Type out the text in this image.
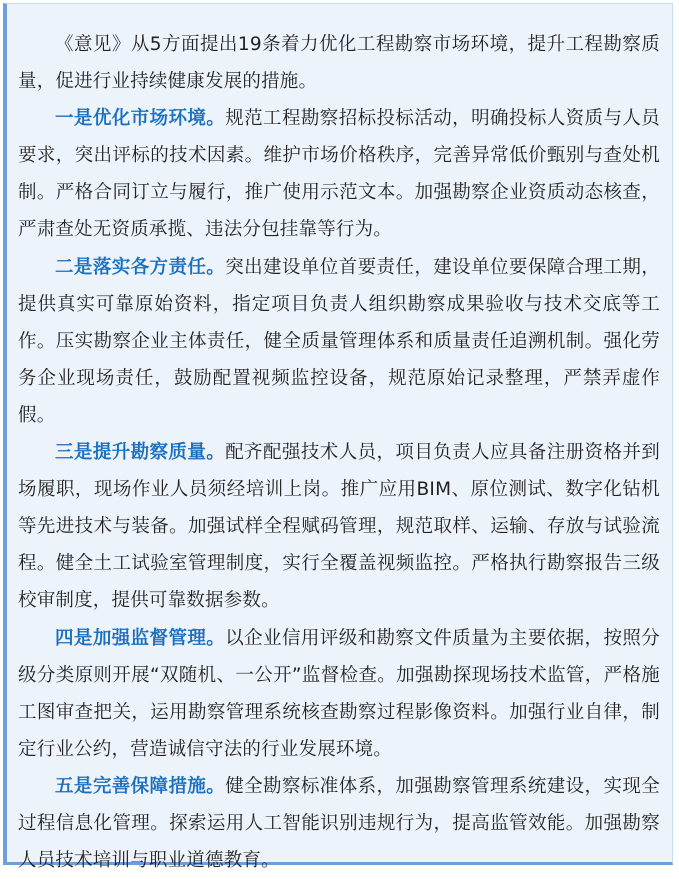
《意见》从5方面提出19条着力优化工程勘察市场环境，提升工程勘察质量，促进行业持续健康发展的措施。

一是优化市场环境。规范工程勘察招标投标活动，明确投标人资质与人员要求，突出评标的技术因素。维护市场价格秩序，完善异常低价甄别与查处机制。严格合同订立与履行，推广使用示范文本。加强勘察企业资质动态核查，严肃查处无资质承揽、违法分包挂靠等行为。

二是落实各方责任。突出建设单位首要责任，建设单位要保障合理工期，提供真实可靠原始资料，指定项目负责人组织勘察成果验收与技术交底等工作。压实勘察企业主体责任，健全质量管理体系和质量责任追溯机制。强化劳务企业现场责任，鼓励配置视频监控设备，规范原始记录整理，严禁弄虚作假。

三是提升勘察质量。配齐配强技术人员，项目负责人应具备注册资格并到场履职，现场作业人员须经培训上岗。推广应用BIM、原位测试、数字化钻机等先进技术与装备。加强试样全程赋码管理，规范取样、运输、存放与试验流程。健全土工试验室管理制度，实行全覆盖视频监控。严格执行勘察报告三级校审制度，提供可靠数据参数。

四是加强监督管理。以企业信用评级和勘察文件质量为主要依据，按照分级分类原则开展“双随机、一公开”监督检查。加强勘探现场技术监管，严格施工图审查把关，运用勘察管理系统核查勘察过程影像资料。加强行业自律，制定行业公约，营造诚信守法的行业发展环境。

五是完善保障措施。健全勘察标准体系，加强勘察管理系统建设，实现全过程信息化管理。探索运用人工智能识别违规行为，提高监管效能。加强勘察人员技术培训与职业道德教育。
